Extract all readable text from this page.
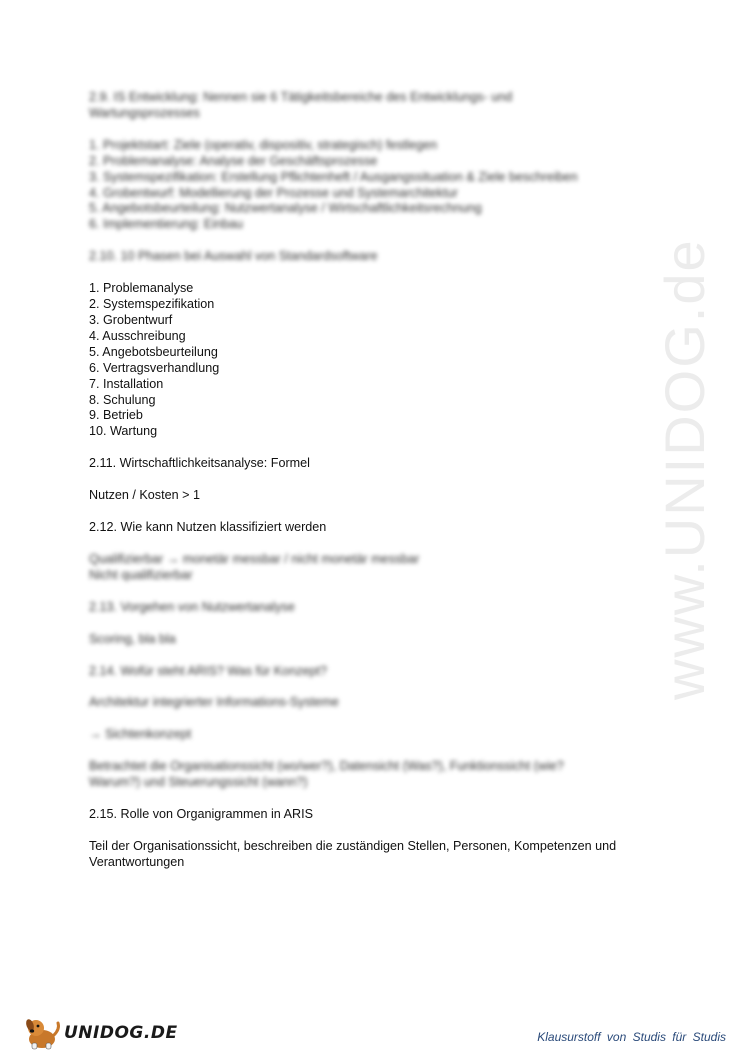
www.UNIDOG.de
2.9. IS Entwicklung: Nennen sie 6 Tätigkeitsbereiche des Entwicklungs- und
Wartungsprozesses
1. Projektstart: Ziele (operativ, dispositiv, strategisch) festlegen
2. Problemanalyse: Analyse der Geschäftsprozesse
3. Systemspezifikation: Erstellung Pflichtenheft / Ausgangssituation & Ziele beschreiben
4. Grobentwurf: Modellierung der Prozesse und Systemarchitektur
5. Angebotsbeurteilung: Nutzwertanalyse / Wirtschaftlichkeitsrechnung
6. Implementierung: Einbau
2.10. 10 Phasen bei Auswahl von Standardsoftware
1. Problemanalyse
2. Systemspezifikation
3. Grobentwurf
4. Ausschreibung
5. Angebotsbeurteilung
6. Vertragsverhandlung
7. Installation
8. Schulung
9. Betrieb
10. Wartung
2.11. Wirtschaftlichkeitsanalyse: Formel
Nutzen / Kosten > 1
2.12. Wie kann Nutzen klassifiziert werden
Qualifizierbar → monetär messbar / nicht monetär messbar
Nicht qualifizierbar
2.13. Vorgehen von Nutzwertanalyse
Scoring, bla bla
2.14. Wofür steht ARIS? Was für Konzept?
Architektur integrierter Informations-Systeme
→ Sichtenkonzept
Betrachtet die Organisationssicht (wo/wer?), Datensicht (Was?), Funktionssicht (wie?
Warum?) und Steuerungssicht (wann?)
2.15. Rolle von Organigrammen in ARIS
Teil der Organisationssicht, beschreiben die zuständigen Stellen, Personen, Kompetenzen und Verantwortungen
UNIDOG.DE	Klausurstoff von Studis für Studis
